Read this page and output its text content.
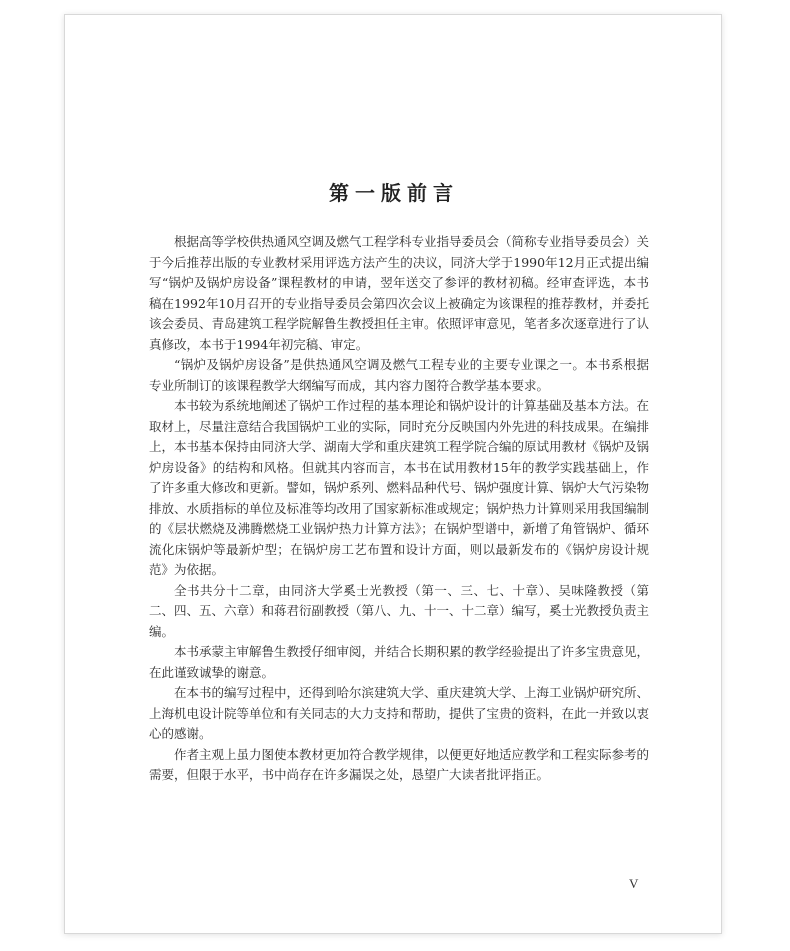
第一版前言

根据高等学校供热通风空调及燃气工程学科专业指导委员会（简称专业指导委员会）关于今后推荐出版的专业教材采用评选方法产生的决议，同济大学于1990年12月正式提出编写“锅炉及锅炉房设备”课程教材的申请，翌年送交了参评的教材初稿。经审查评选，本书稿在1992年10月召开的专业指导委员会第四次会议上被确定为该课程的推荐教材，并委托该会委员、青岛建筑工程学院解鲁生教授担任主审。依照评审意见，笔者多次逐章进行了认真修改，本书于1994年初完稿、审定。

“锅炉及锅炉房设备”是供热通风空调及燃气工程专业的主要专业课之一。本书系根据专业所制订的该课程教学大纲编写而成，其内容力图符合教学基本要求。

本书较为系统地阐述了锅炉工作过程的基本理论和锅炉设计的计算基础及基本方法。在取材上，尽量注意结合我国锅炉工业的实际，同时充分反映国内外先进的科技成果。在编排上，本书基本保持由同济大学、湖南大学和重庆建筑工程学院合编的原试用教材《锅炉及锅炉房设备》的结构和风格。但就其内容而言，本书在试用教材15年的教学实践基础上，作了许多重大修改和更新。譬如，锅炉系列、燃料品种代号、锅炉强度计算、锅炉大气污染物排放、水质指标的单位及标准等均改用了国家新标准或规定；锅炉热力计算则采用我国编制的《层状燃烧及沸腾燃烧工业锅炉热力计算方法》；在锅炉型谱中，新增了角管锅炉、循环流化床锅炉等最新炉型；在锅炉房工艺布置和设计方面，则以最新发布的《锅炉房设计规范》为依据。

全书共分十二章，由同济大学奚士光教授（第一、三、七、十章）、吴味隆教授（第二、四、五、六章）和蒋君衍副教授（第八、九、十一、十二章）编写，奚士光教授负责主编。

本书承蒙主审解鲁生教授仔细审阅，并结合长期积累的教学经验提出了许多宝贵意见，在此谨致诚挚的谢意。

在本书的编写过程中，还得到哈尔滨建筑大学、重庆建筑大学、上海工业锅炉研究所、上海机电设计院等单位和有关同志的大力支持和帮助，提供了宝贵的资料，在此一并致以衷心的感谢。

作者主观上虽力图使本教材更加符合教学规律，以便更好地适应教学和工程实际参考的需要，但限于水平，书中尚存在许多漏误之处，恳望广大读者批评指正。

V
